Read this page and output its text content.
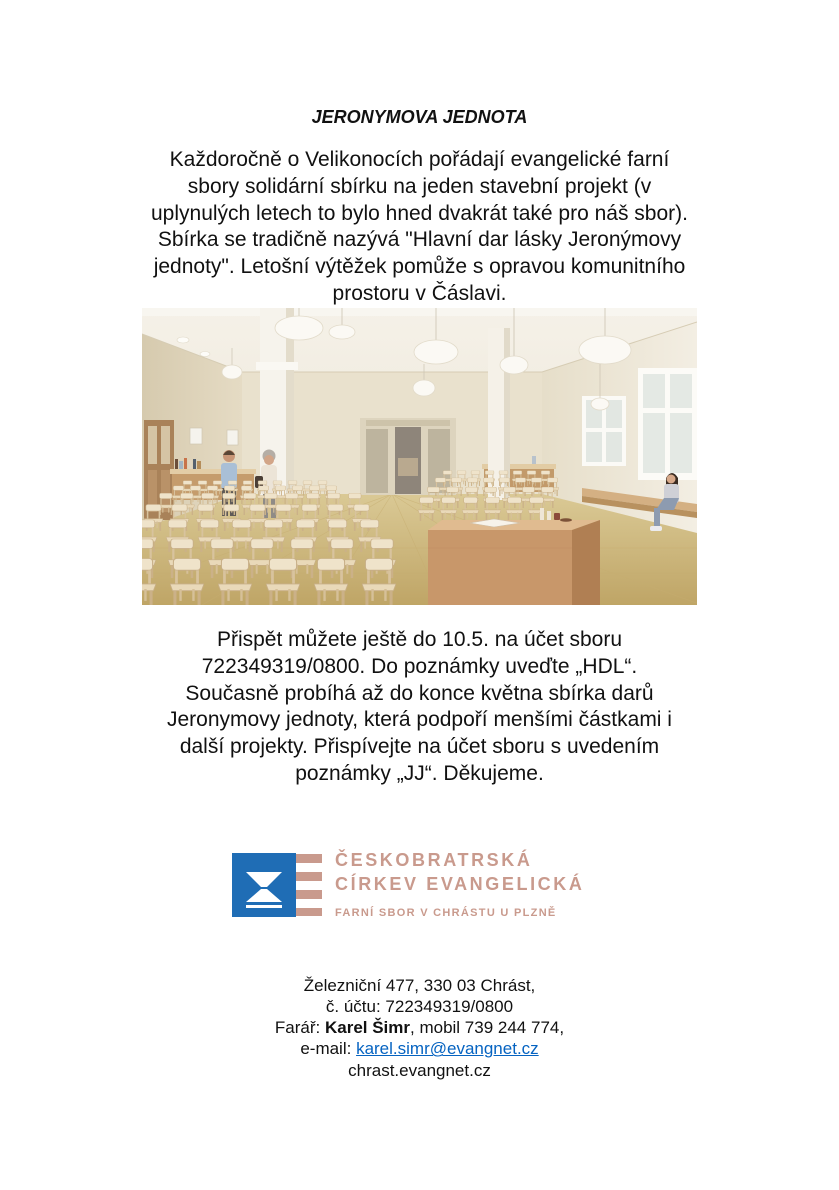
JERONYMOVA JEDNOTA
Každoročně o Velikonocích pořádají evangelické farní
sbory solidární sbírku na jeden stavební projekt (v
uplynulých letech to bylo hned dvakrát také pro náš sbor).
Sbírka se tradičně nazývá "Hlavní dar lásky Jeronýmovy
jednoty". Letošní výtěžek pomůže s opravou komunitního
prostoru v Čáslavi.
Přispět můžete ještě do 10.5. na účet sboru
722349319/0800. Do poznámky uveďte „HDL“.
Současně probíhá až do konce května sbírka darů
Jeronymovy jednoty, která podpoří menšími částkami i
další projekty. Přispívejte na účet sboru s uvedením
poznámky „JJ“. Děkujeme.
ČESKOBRATRSKÁ
CÍRKEV EVANGELICKÁ
FARNÍ SBOR V CHRÁSTU U PLZNĚ
Železniční 477, 330 03 Chrást,
č. účtu: 722349319/0800
Farář: Karel Šimr, mobil 739 244 774,
e-mail: karel.simr@evangnet.cz
chrast.evangnet.cz
